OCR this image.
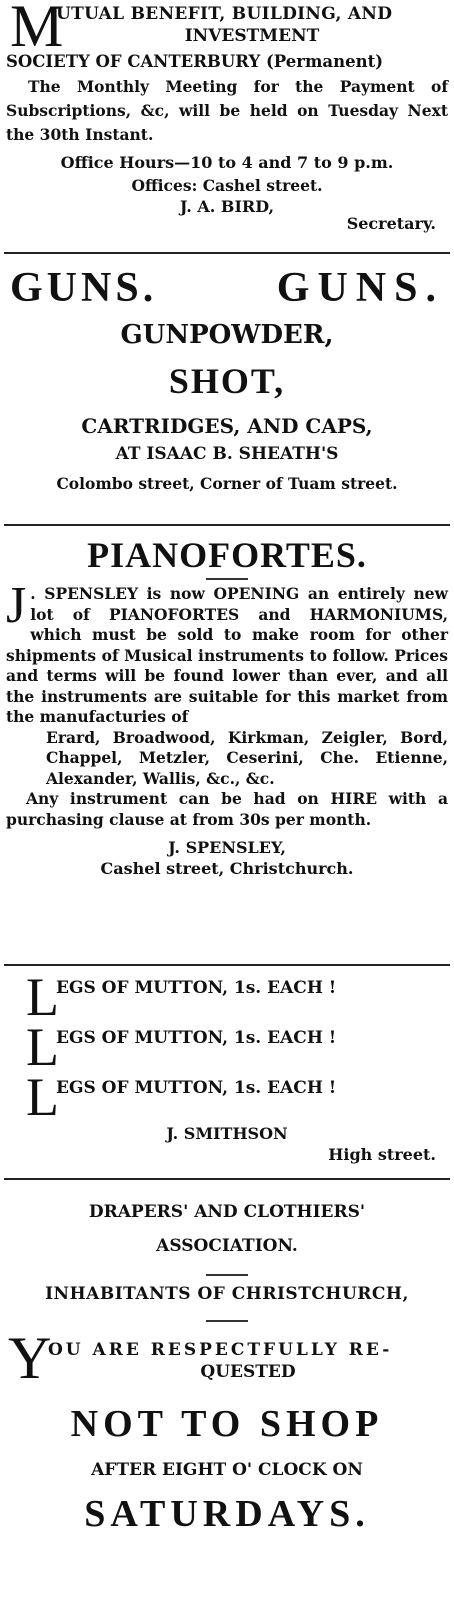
M

UTUAL BENEFIT, BUILDING, AND

INVESTMENT

SOCIETY OF CANTERBURY (Permanent)

The Monthly Meeting for the Payment of Subscriptions, &c, will be held on Tuesday Next the 30th Instant.

Office Hours—10 to 4 and 7 to 9 p.m.

Offices: Cashel street.

J. A. BIRD,

Secretary.

GUNS.	GUNS.

GUNPOWDER,

SHOT,

CARTRIDGES, AND CAPS,

AT ISAAC B. SHEATH'S

Colombo street, Corner of Tuam street.

PIANOFORTES.

J . SPENSLEY is now OPENING an entirely new lot of PIANOFORTES and HARMONIUMS, which must be sold to make room for other shipments of Musical instruments to follow. Prices and terms will be found lower than ever, and all the instruments are suitable for this market from the manufacturies of

Erard, Broadwood, Kirkman, Zeigler, Bord, Chappel, Metzler, Ceserini, Che. Etienne, Alexander, Wallis, &c., &c.

Any instrument can be had on HIRE with a purchasing clause at from 30s per month.

J. SPENSLEY,

Cashel street, Christchurch.

L
EGS OF MUTTON, 1s. EACH !
L
EGS OF MUTTON, 1s. EACH !
L
EGS OF MUTTON, 1s. EACH !

J. SMITHSON

High street.

DRAPERS' AND CLOTHIERS'

ASSOCIATION.

INHABITANTS OF CHRISTCHURCH,

Y

OU ARE RESPECTFULLY RE-

QUESTED

NOT TO SHOP

AFTER EIGHT O' CLOCK ON

SATURDAYS.
